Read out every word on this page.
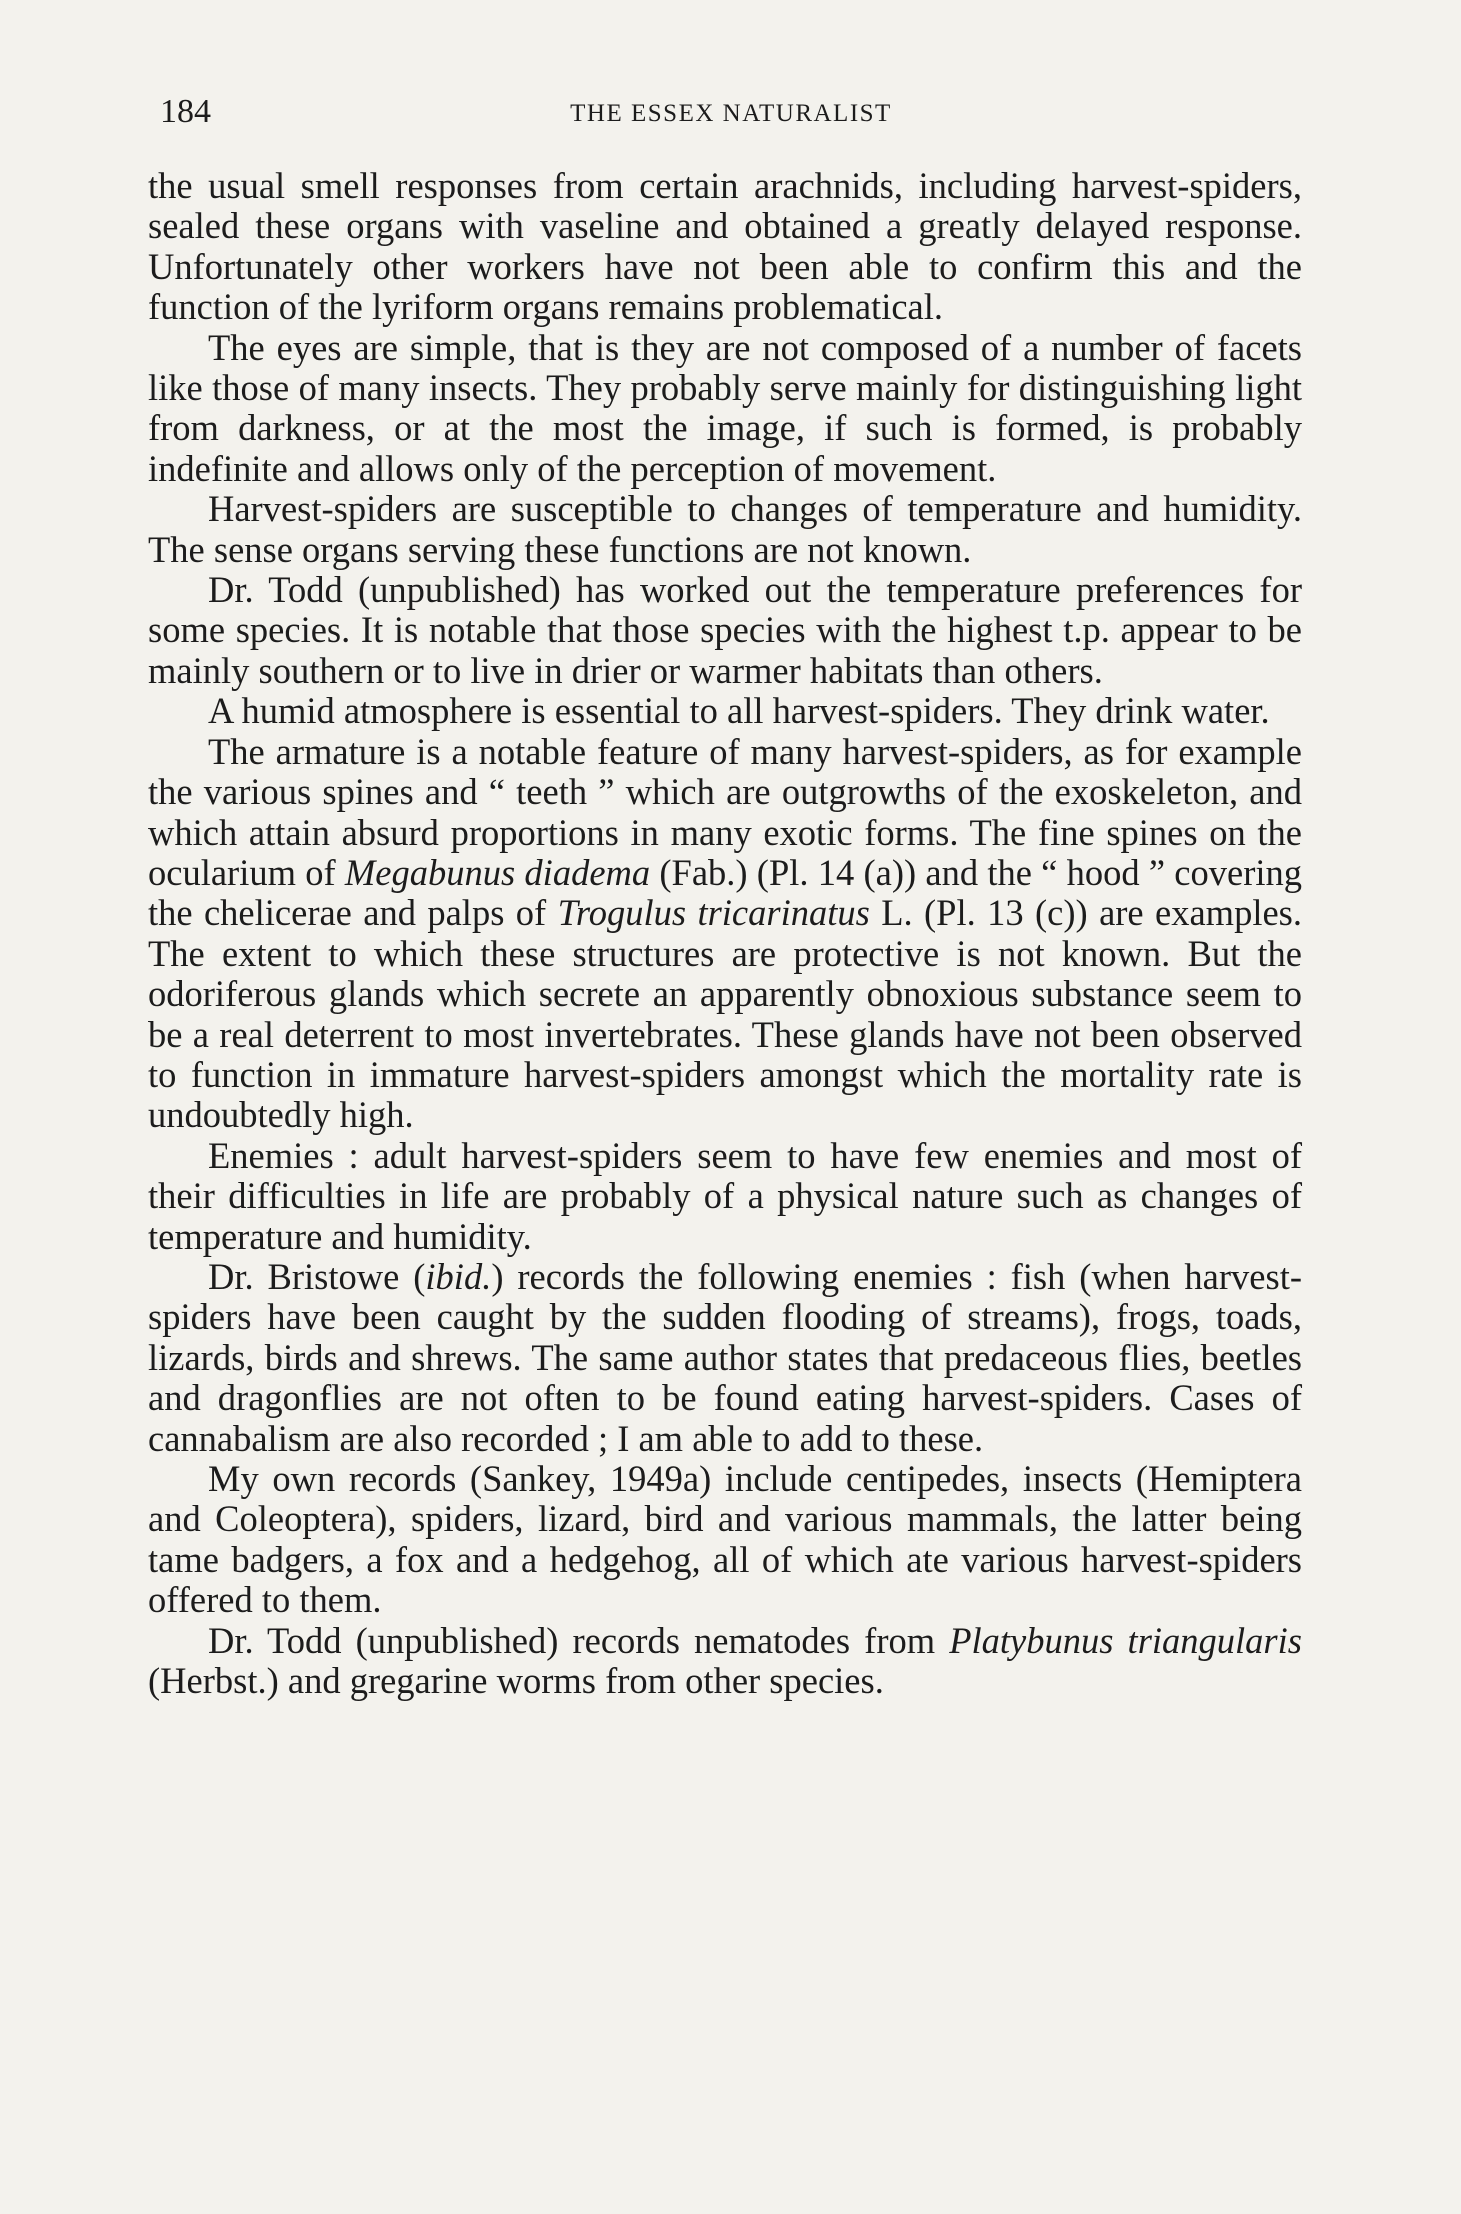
184	THE ESSEX NATURALIST

the usual smell responses from certain arachnids, including harvest-spiders, sealed these organs with vaseline and obtained a greatly delayed response. Unfortunately other workers have not been able to confirm this and the function of the lyriform organs remains problematical.

The eyes are simple, that is they are not composed of a number of facets like those of many insects. They probably serve mainly for distinguishing light from darkness, or at the most the image, if such is formed, is probably indefinite and allows only of the perception of movement.

Harvest-spiders are susceptible to changes of temperature and humidity. The sense organs serving these functions are not known.

Dr. Todd (unpublished) has worked out the temperature preferences for some species. It is notable that those species with the highest t.p. appear to be mainly southern or to live in drier or warmer habitats than others.

A humid atmosphere is essential to all harvest-spiders. They drink water.

The armature is a notable feature of many harvest-spiders, as for example the various spines and “ teeth ” which are outgrowths of the exoskeleton, and which attain absurd proportions in many exotic forms. The fine spines on the ocularium of Megabunus diadema (Fab.) (Pl. 14 (a)) and the “ hood ” covering the chelicerae and palps of Trogulus tricarinatus L. (Pl. 13 (c)) are examples. The extent to which these structures are protective is not known. But the odoriferous glands which secrete an apparently obnoxious substance seem to be a real deterrent to most invertebrates. These glands have not been observed to function in immature harvest-spiders amongst which the mortality rate is undoubtedly high.

Enemies : adult harvest-spiders seem to have few enemies and most of their difficulties in life are probably of a physical nature such as changes of temperature and humidity.

Dr. Bristowe (ibid.) records the following enemies : fish (when harvest-spiders have been caught by the sudden flooding of streams), frogs, toads, lizards, birds and shrews. The same author states that predaceous flies, beetles and dragonflies are not often to be found eating harvest-spiders. Cases of cannabalism are also recorded ; I am able to add to these.

My own records (Sankey, 1949a) include centipedes, insects (Hemiptera and Coleoptera), spiders, lizard, bird and various mammals, the latter being tame badgers, a fox and a hedgehog, all of which ate various harvest-spiders offered to them.

Dr. Todd (unpublished) records nematodes from Platybunus triangularis (Herbst.) and gregarine worms from other species.
